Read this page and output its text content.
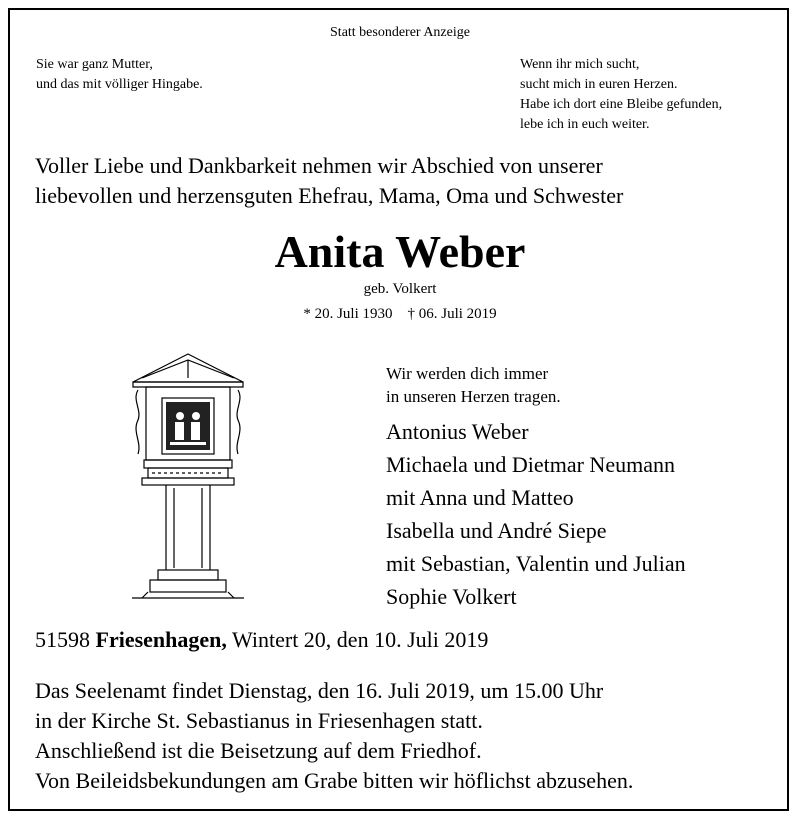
Statt besonderer Anzeige
Sie war ganz Mutter,
und das mit völliger Hingabe.
Wenn ihr mich sucht,
sucht mich in euren Herzen.
Habe ich dort eine Bleibe gefunden,
lebe ich in euch weiter.
Voller Liebe und Dankbarkeit nehmen wir Abschied von unserer
liebevollen und herzensguten Ehefrau, Mama, Oma und Schwester
Anita Weber
geb. Volkert
* 20. Juli 1930 † 06. Juli 2019
Wir werden dich immer
in unseren Herzen tragen.
Antonius Weber
Michaela und Dietmar Neumann
mit Anna und Matteo
Isabella und André Siepe
mit Sebastian, Valentin und Julian
Sophie Volkert
51598 Friesenhagen, Wintert 20, den 10. Juli 2019
Das Seelenamt findet Dienstag, den 16. Juli 2019, um 15.00 Uhr
in der Kirche St. Sebastianus in Friesenhagen statt.
Anschließend ist die Beisetzung auf dem Friedhof.
Von Beileidsbekundungen am Grabe bitten wir höflichst abzusehen.
